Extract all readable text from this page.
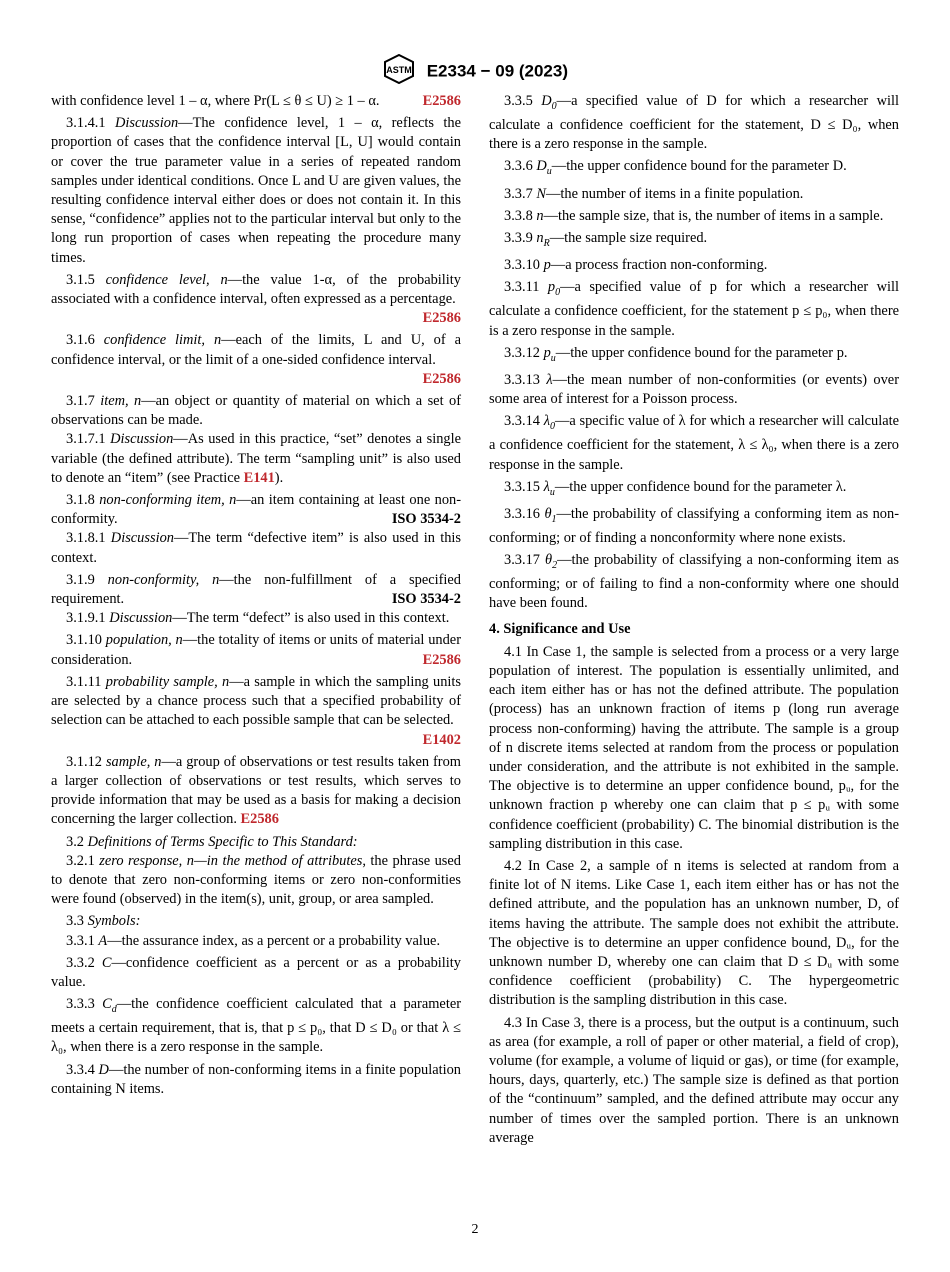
ASTM E2334 − 09 (2023)

with confidence level 1 – α, where Pr(L ≤ θ ≤ U) ≥ 1 – α.	E2586

3.1.4.1 Discussion—The confidence level, 1 – α, reflects the proportion of cases that the confidence interval [L, U] would contain or cover the true parameter value in a series of repeated random samples under identical conditions. Once L and U are given values, the resulting confidence interval either does or does not contain it. In this sense, “confidence” applies not to the particular interval but only to the long run proportion of cases when repeating the procedure many times.

3.1.5 confidence level, n—the value 1-α, of the probability associated with a confidence interval, often expressed as a percentage.
E2586

3.1.6 confidence limit, n—each of the limits, L and U, of a confidence interval, or the limit of a one-sided confidence interval.
E2586

3.1.7 item, n—an object or quantity of material on which a set of observations can be made.

3.1.7.1 Discussion—As used in this practice, “set” denotes a single variable (the defined attribute). The term “sampling unit” is also used to denote an “item” (see Practice E141).

3.1.8 non-conforming item, n—an item containing at least one non-conformity.	ISO 3534-2

3.1.8.1 Discussion—The term “defective item” is also used in this context.

3.1.9 non-conformity, n—the non-fulfillment of a specified requirement.	ISO 3534-2

3.1.9.1 Discussion—The term “defect” is also used in this context.

3.1.10 population, n—the totality of items or units of material under consideration.	E2586

3.1.11 probability sample, n—a sample in which the sampling units are selected by a chance process such that a specified probability of selection can be attached to each possible sample that can be selected.
E1402

3.1.12 sample, n—a group of observations or test results taken from a larger collection of observations or test results, which serves to provide information that may be used as a basis for making a decision concerning the larger collection. E2586

3.2 Definitions of Terms Specific to This Standard:

3.2.1 zero response, n—in the method of attributes, the phrase used to denote that zero non-conforming items or zero non-conformities were found (observed) in the item(s), unit, group, or area sampled.

3.3 Symbols:

3.3.1 A—the assurance index, as a percent or a probability value.

3.3.2 C—confidence coefficient as a percent or as a probability value.

3.3.3 $C_d—the$ confidence coefficient calculated that a parameter meets a certain requirement, that is, that p ≤ p₀, that D ≤ D₀ or that λ ≤ λ₀, when there is a zero response in the sample.

3.3.4 D—the number of non-conforming items in a finite population containing N items.

3.3.5 $D_0—a$ specified value of D for which a researcher will calculate a confidence coefficient for the statement, D ≤ D₀, when there is a zero response in the sample.

3.3.6 $D_u—the$ upper confidence bound for the parameter D.

3.3.7 N—the number of items in a finite population.

3.3.8 n—the sample size, that is, the number of items in a sample.

3.3.9 $n_R—the$ sample size required.

3.3.10 p—a process fraction non-conforming.

3.3.11 $p_0—a$ specified value of p for which a researcher will calculate a confidence coefficient, for the statement p ≤ p₀, when there is a zero response in the sample.

3.3.12 $p_u—the$ upper confidence bound for the parameter p.

3.3.13 λ—the mean number of non-conformities (or events) over some area of interest for a Poisson process.

3.3.14 $\lambda_0—a$ specific value of λ for which a researcher will calculate a confidence coefficient for the statement, λ ≤ λ₀, when there is a zero response in the sample.

3.3.15 $\lambda_u—the$ upper confidence bound for the parameter λ.

3.3.16 $\theta_1—the$ probability of classifying a conforming item as non-conforming; or of finding a nonconformity where none exists.

3.3.17 $\theta_2—the$ probability of classifying a non-conforming item as conforming; or of failing to find a non-conformity where one should have been found.

4. Significance and Use

4.1 In Case 1, the sample is selected from a process or a very large population of interest. The population is essentially unlimited, and each item either has or has not the defined attribute. The population (process) has an unknown fraction of items p (long run average process non-conforming) having the attribute. The sample is a group of n discrete items selected at random from the process or population under consideration, and the attribute is not exhibited in the sample. The objective is to determine an upper confidence bound, pᵤ, for the unknown fraction p whereby one can claim that p ≤ pᵤ with some confidence coefficient (probability) C. The binomial distribution is the sampling distribution in this case.

4.2 In Case 2, a sample of n items is selected at random from a finite lot of N items. Like Case 1, each item either has or has not the defined attribute, and the population has an unknown number, D, of items having the attribute. The sample does not exhibit the attribute. The objective is to determine an upper confidence bound, Dᵤ, for the unknown number D, whereby one can claim that D ≤ Dᵤ with some confidence coefficient (probability) C. The hypergeometric distribution is the sampling distribution in this case.

4.3 In Case 3, there is a process, but the output is a continuum, such as area (for example, a roll of paper or other material, a field of crop), volume (for example, a volume of liquid or gas), or time (for example, hours, days, quarterly, etc.) The sample size is defined as that portion of the “continuum” sampled, and the defined attribute may occur any number of times over the sampled portion. There is an unknown average

2
